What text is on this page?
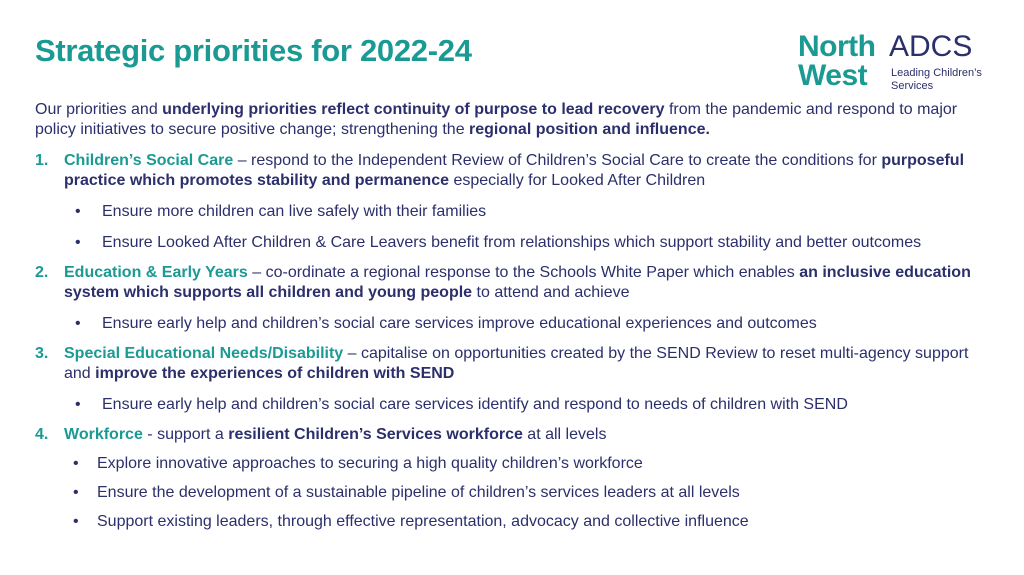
Strategic priorities for 2022-24	North
West
ADCS
Leading Children’s
Services

Our priorities and underlying priorities reflect continuity of purpose to lead recovery from the pandemic and respond to major policy initiatives to secure positive change; strengthening the regional position and influence.

1. Children’s Social Care – respond to the Independent Review of Children’s Social Care to create the conditions for purposeful practice which promotes stability and permanence especially for Looked After Children
• Ensure more children can live safely with their families
• Ensure Looked After Children & Care Leavers benefit from relationships which support stability and better outcomes
2. Education & Early Years – co-ordinate a regional response to the Schools White Paper which enables an inclusive education system which supports all children and young people to attend and achieve
• Ensure early help and children’s social care services improve educational experiences and outcomes
3. Special Educational Needs/Disability – capitalise on opportunities created by the SEND Review to reset multi-agency support and improve the experiences of children with SEND
• Ensure early help and children’s social care services identify and respond to needs of children with SEND
4. Workforce - support a resilient Children’s Services workforce at all levels
• Explore innovative approaches to securing a high quality children’s workforce
• Ensure the development of a sustainable pipeline of children’s services leaders at all levels
• Support existing leaders, through effective representation, advocacy and collective influence
